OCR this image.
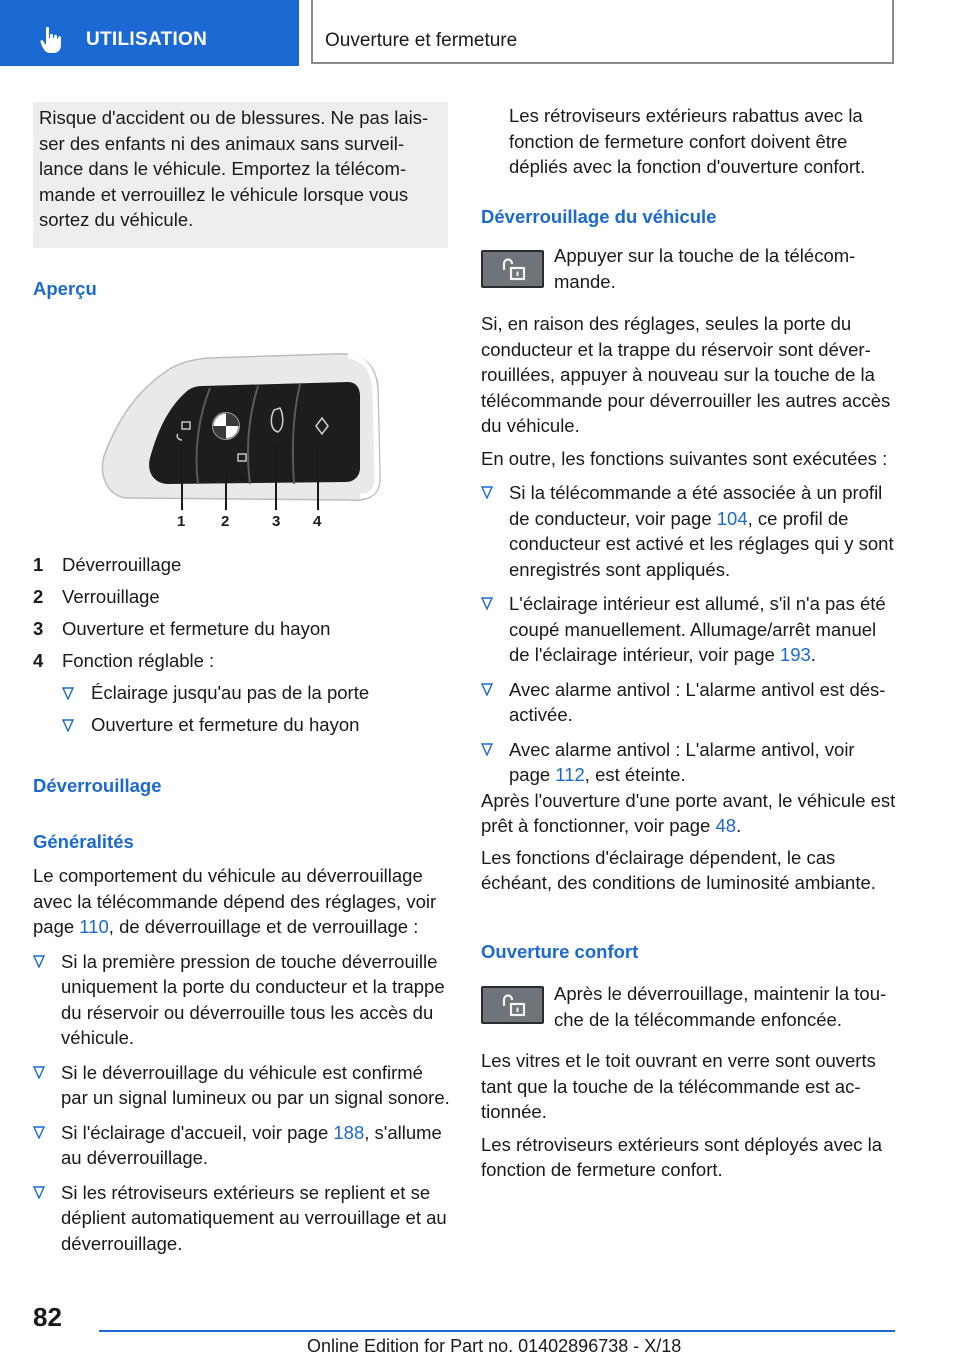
UTILISATION	Ouverture et fermeture

Risque d'accident ou de blessures. Ne pas laisser des enfants ni des animaux sans surveillance dans le véhicule. Emportez la télécommande et verrouillez le véhicule lorsque vous sortez du véhicule.

Aperçu
1 2	3 4
1	Déverrouillage
2	Verrouillage
3	Ouverture et fermeture du hayon
4	Fonction réglable :
Éclairage jusqu'au pas de la porte
Ouverture et fermeture du hayon
Déverrouillage
Généralités

Le comportement du véhicule au déverrouillage avec la télécommande dépend des réglages, voir page 110, de déverrouillage et de verrouillage :

Si la première pression de touche déverrouille uniquement la porte du conducteur et la trappe du réservoir ou déverrouille tous les accès du véhicule.
Si le déverrouillage du véhicule est confirmé par un signal lumineux ou par un signal sonore.
Si l'éclairage d'accueil, voir page 188, s'allume au déverrouillage.
Si les rétroviseurs extérieurs se replient et se déplient automatiquement au verrouillage et au déverrouillage.

Les rétroviseurs extérieurs rabattus avec la fonction de fermeture confort doivent être dépliés avec la fonction d'ouverture confort.

Déverrouillage du véhicule

Appuyer sur la touche de la télécommande.

Si, en raison des réglages, seules la porte du conducteur et la trappe du réservoir sont déverrouillées, appuyer à nouveau sur la touche de la télécommande pour déverrouiller les autres accès du véhicule.

En outre, les fonctions suivantes sont exécutées :

Si la télécommande a été associée à un profil de conducteur, voir page 104, ce profil de conducteur est activé et les réglages qui y sont enregistrés sont appliqués.
L'éclairage intérieur est allumé, s'il n'a pas été coupé manuellement. Allumage/arrêt manuel de l'éclairage intérieur, voir page 193.
Avec alarme antivol : L'alarme antivol est désactivée.
Avec alarme antivol : L'alarme antivol, voir page 112, est éteinte.

Après l'ouverture d'une porte avant, le véhicule est prêt à fonctionner, voir page 48.

Les fonctions d'éclairage dépendent, le cas échéant, des conditions de luminosité ambiante.

Ouverture confort

Après le déverrouillage, maintenir la touche de la télécommande enfoncée.

Les vitres et le toit ouvrant en verre sont ouverts tant que la touche de la télécommande est actionnée.

Les rétroviseurs extérieurs sont déployés avec la fonction de fermeture confort.

82
Online Edition for Part no. 01402896738 - X/18
